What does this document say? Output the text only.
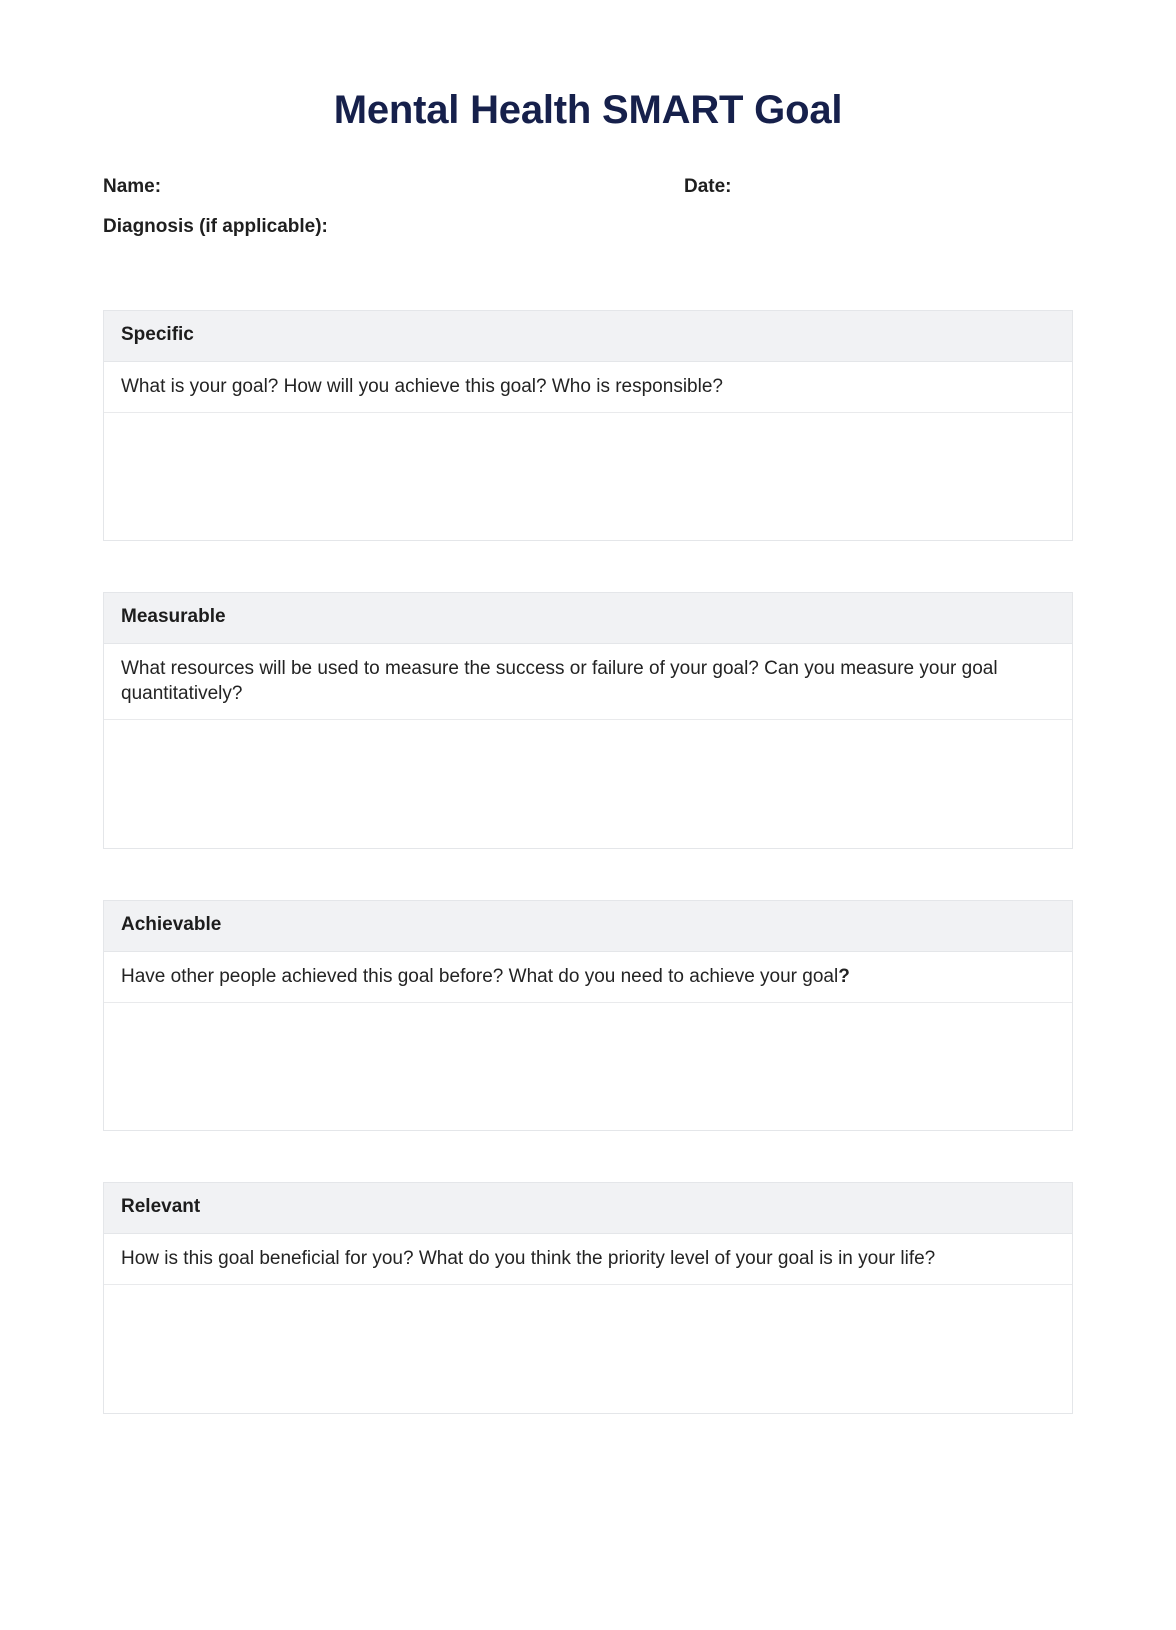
Mental Health SMART Goal
Name:	Date:
Diagnosis (if applicable):
Specific
What is your goal? How will you achieve this goal? Who is responsible?
Measurable
What resources will be used to measure the success or failure of your goal? Can you measure your goal quantitatively?
Achievable
Have other people achieved this goal before? What do you need to achieve your goal?
Relevant
How is this goal beneficial for you? What do you think the priority level of your goal is in your life?
